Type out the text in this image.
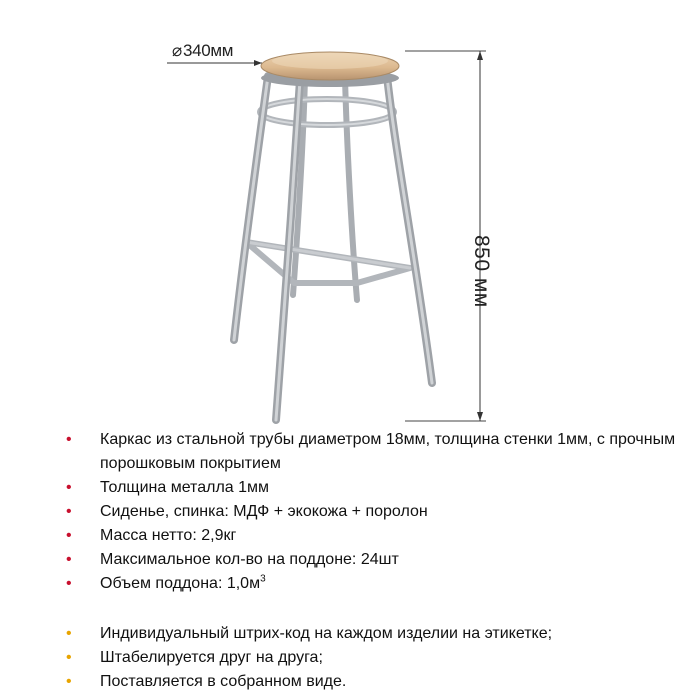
⌀340мм
850 мм
• Каркас из стальной трубы диаметром 18мм, толщина стенки 1мм, с прочным порошковым покрытием
• Толщина металла 1мм
• Сиденье, спинка: МДФ + экокожа + поролон
• Масса нетто: 2,9кг
• Максимальное кол-во на поддоне: 24шт
• Объем поддона: $1,0м^3$
• Индивидуальный штрих-код на каждом изделии на этикетке;
• Штабелируется друг на друга;
• Поставляется в собранном виде.
